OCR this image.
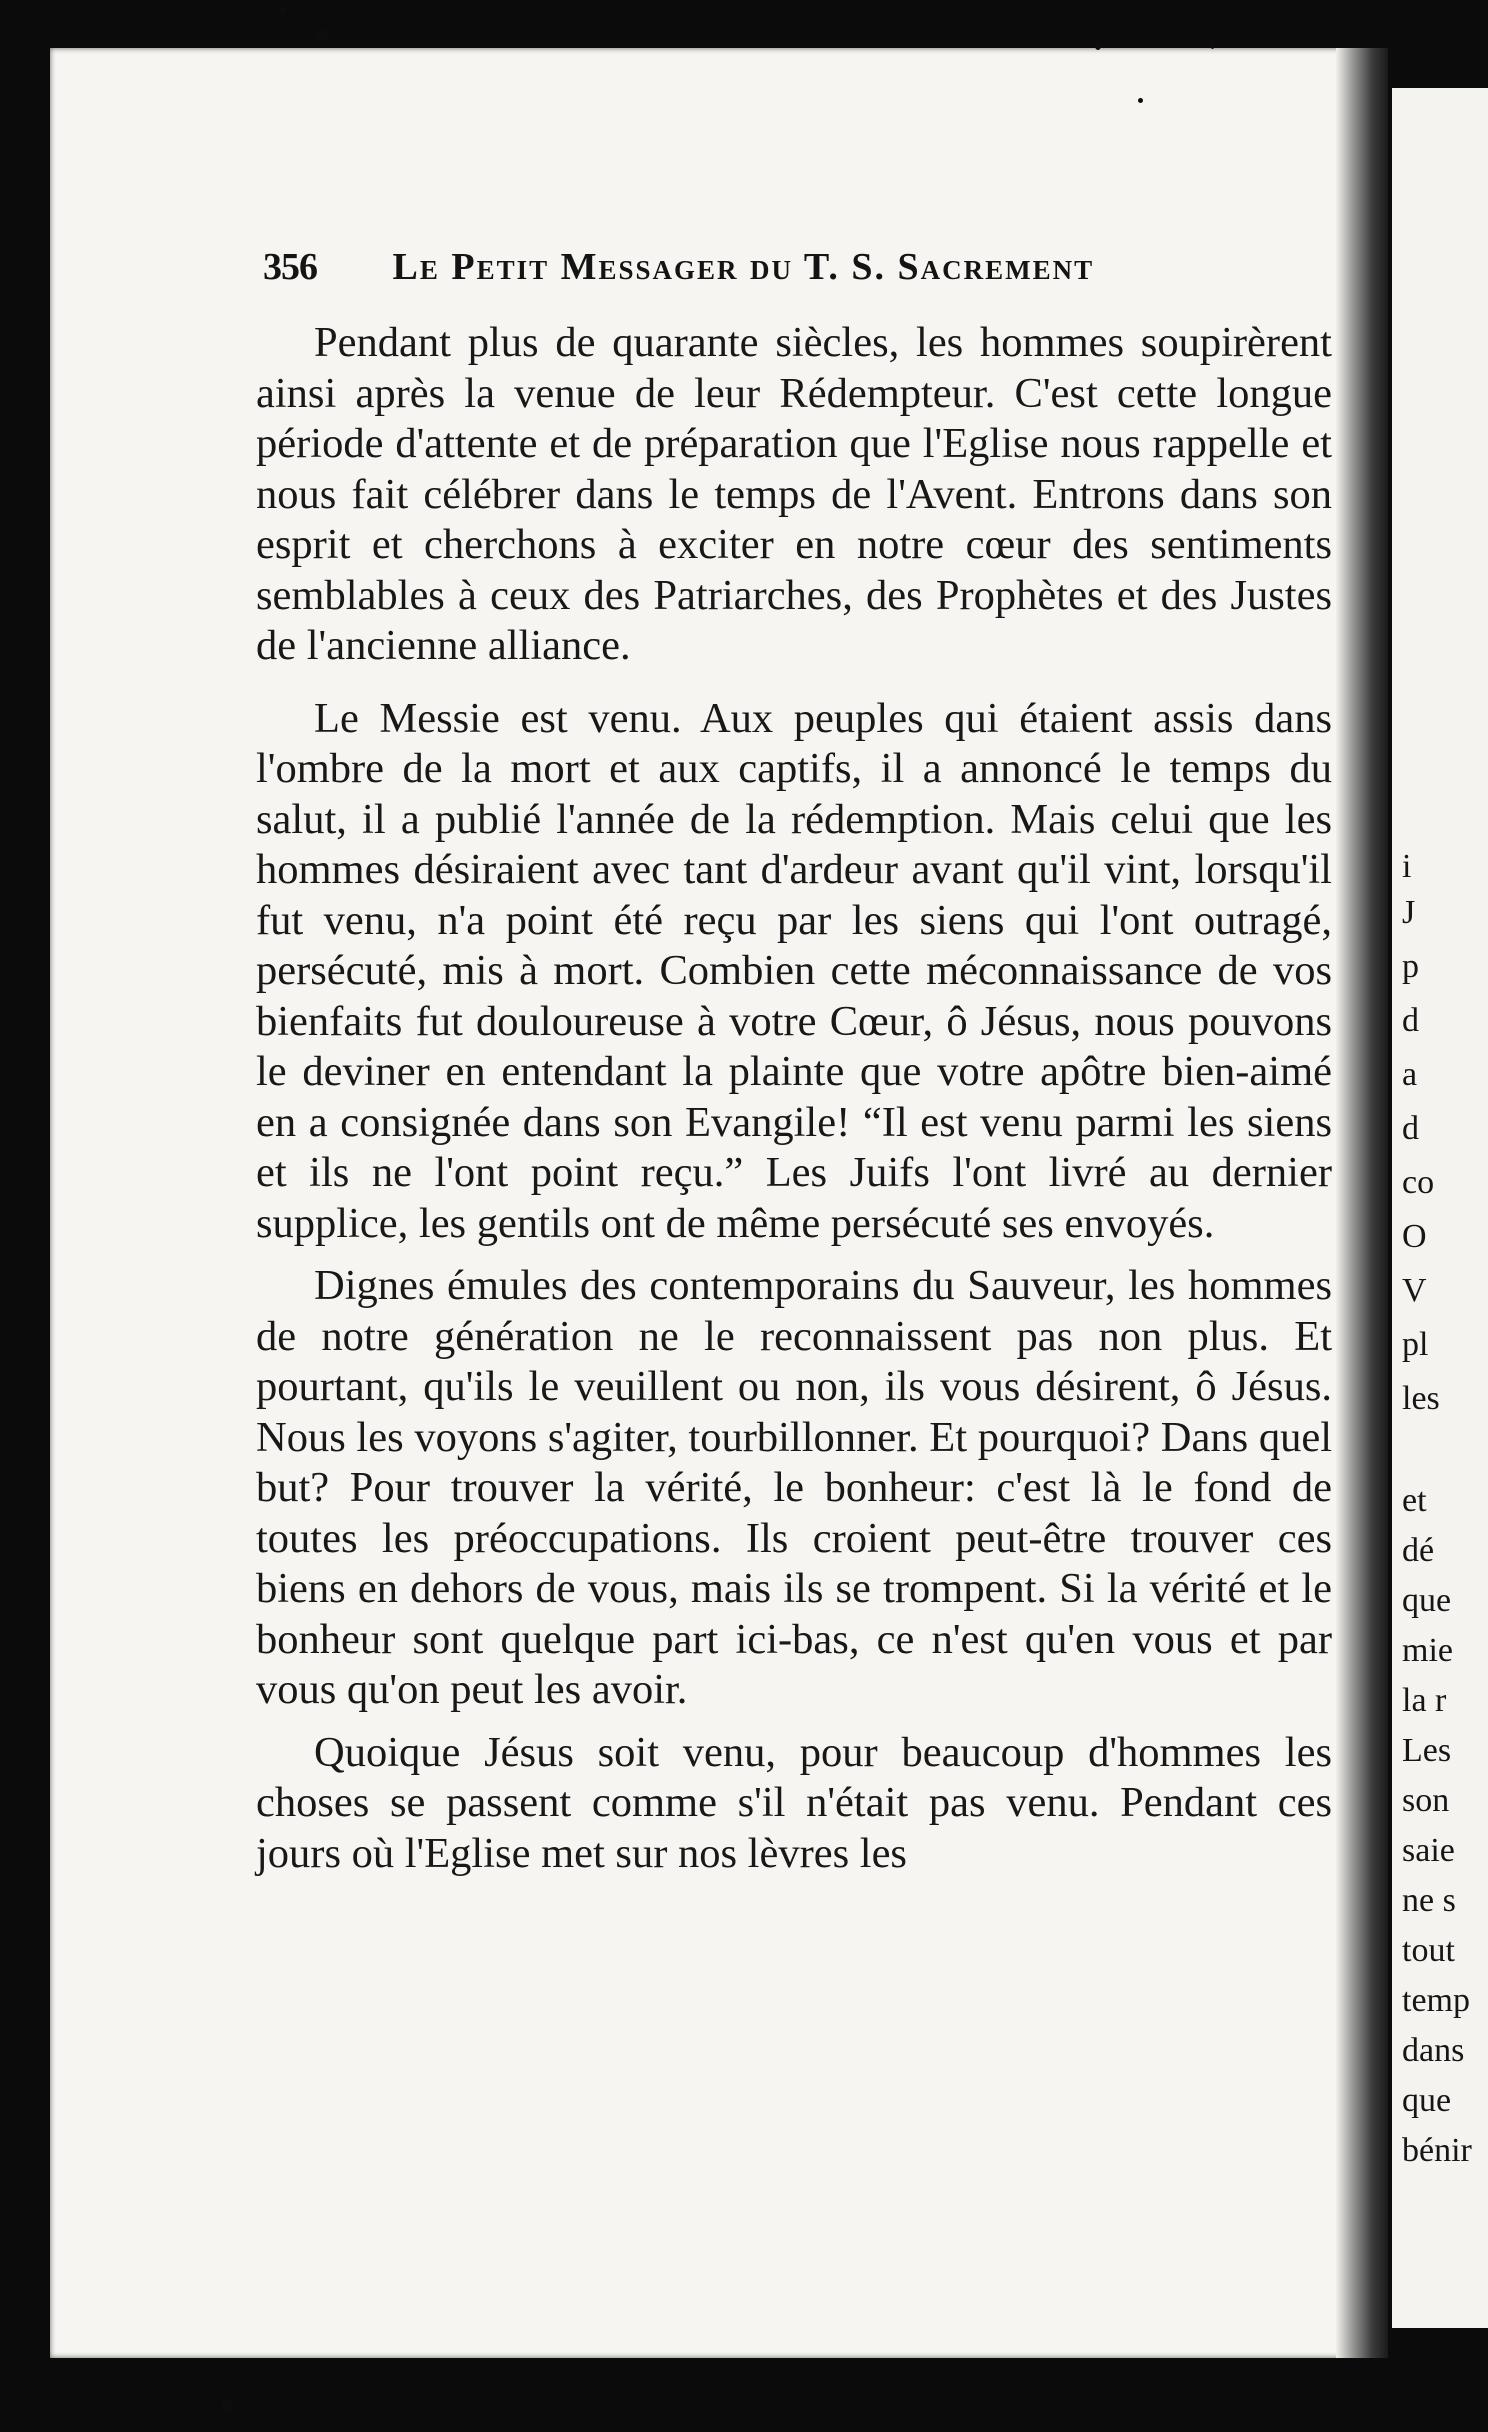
i
J
p
d
a
d
co
O
V
pl
les
et
dé
que
mie
la r
Les
son
saie
ne s
tout
temp
dans
que
bénir
356 Le Petit Messager du T. S. Sacrement

Pendant plus de quarante siècles, les hommes soupirèrent ainsi après la venue de leur Rédempteur. C'est cette longue période d'attente et de préparation que l'Eglise nous rappelle et nous fait célébrer dans le temps de l'Avent. Entrons dans son esprit et cherchons à exciter en notre cœur des sentiments semblables à ceux des Patriarches, des Prophètes et des Justes de l'ancienne alliance.

Le Messie est venu. Aux peuples qui étaient assis dans l'ombre de la mort et aux captifs, il a annoncé le temps du salut, il a publié l'année de la rédemption. Mais celui que les hommes désiraient avec tant d'ardeur avant qu'il vint, lorsqu'il fut venu, n'a point été reçu par les siens qui l'ont outragé, persécuté, mis à mort. Combien cette méconnaissance de vos bienfaits fut douloureuse à votre Cœur, ô Jésus, nous pouvons le deviner en entendant la plainte que votre apôtre bien-aimé en a consignée dans son Evangile! “Il est venu parmi les siens et ils ne l'ont point reçu.” Les Juifs l'ont livré au dernier supplice, les gentils ont de même persécuté ses envoyés.

Dignes émules des contemporains du Sauveur, les hommes de notre génération ne le reconnaissent pas non plus. Et pourtant, qu'ils le veuillent ou non, ils vous désirent, ô Jésus. Nous les voyons s'agiter, tourbillonner. Et pourquoi? Dans quel but? Pour trouver la vérité, le bonheur: c'est là le fond de toutes les préoccupations. Ils croient peut-être trouver ces biens en dehors de vous, mais ils se trompent. Si la vérité et le bonheur sont quelque part ici-bas, ce n'est qu'en vous et par vous qu'on peut les avoir.

Quoique Jésus soit venu, pour beaucoup d'hommes les choses se passent comme s'il n'était pas venu. Pendant ces jours où l'Eglise met sur nos lèvres les
